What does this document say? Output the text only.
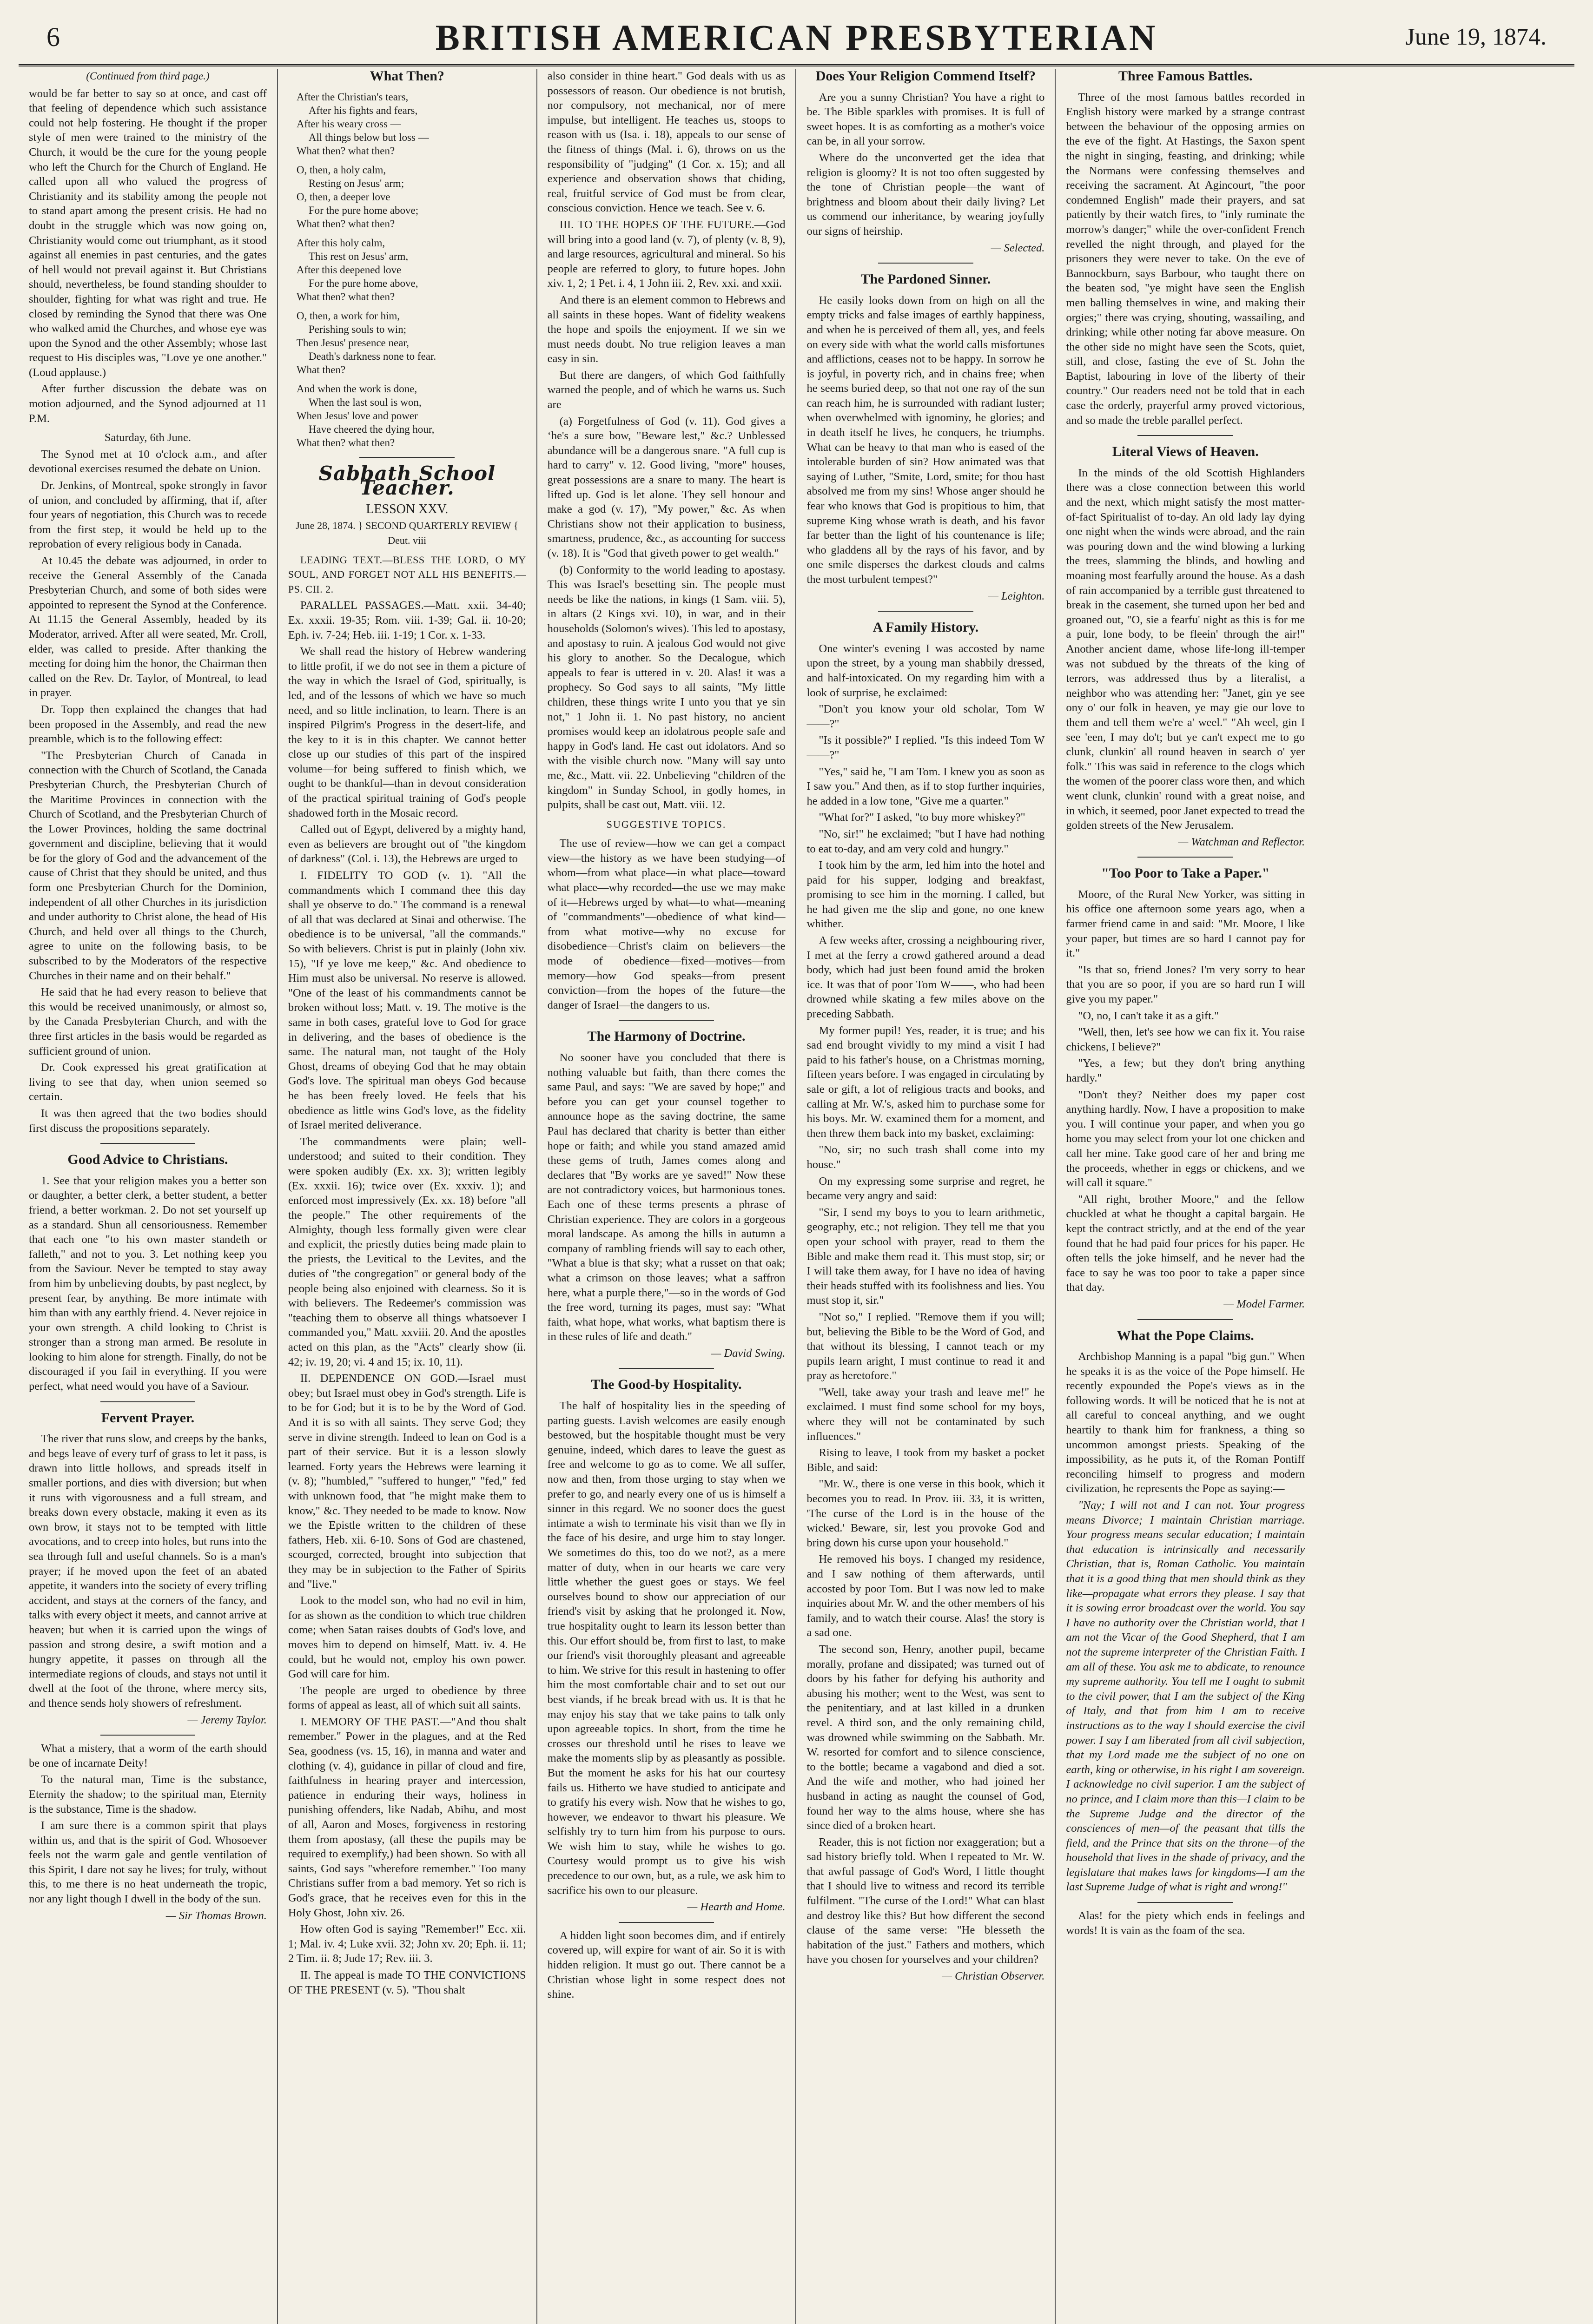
6	BRITISH AMERICAN PRESBYTERIAN	June 19, 1874.
(Continued from third page.)

would be far better to say so at once, and cast off that feeling of dependence which such assistance could not help fostering. He thought if the proper style of men were trained to the ministry of the Church, it would be the cure for the young people who left the Church for the Church of England. He called upon all who valued the progress of Christianity and its stability among the people not to stand apart among the present crisis. He had no doubt in the struggle which was now going on, Christianity would come out triumphant, as it stood against all enemies in past centuries, and the gates of hell would not prevail against it. But Christians should, nevertheless, be found standing shoulder to shoulder, fighting for what was right and true. He closed by reminding the Synod that there was One who walked amid the Churches, and whose eye was upon the Synod and the other Assembly; whose last request to His disciples was, "Love ye one another." (Loud applause.)

After further discussion the debate was on motion adjourned, and the Synod adjourned at 11 P.M.

Saturday, 6th June.

The Synod met at 10 o'clock a.m., and after devotional exercises resumed the debate on Union.

Dr. Jenkins, of Montreal, spoke strongly in favor of union, and concluded by affirming, that if, after four years of negotiation, this Church was to recede from the first step, it would be held up to the reprobation of every religious body in Canada.

At 10.45 the debate was adjourned, in order to receive the General Assembly of the Canada Presbyterian Church, and some of both sides were appointed to represent the Synod at the Conference. At 11.15 the General Assembly, headed by its Moderator, arrived. After all were seated, Mr. Croll, elder, was called to preside. After thanking the meeting for doing him the honor, the Chairman then called on the Rev. Dr. Taylor, of Montreal, to lead in prayer.

Dr. Topp then explained the changes that had been proposed in the Assembly, and read the new preamble, which is to the following effect:

"The Presbyterian Church of Canada in connection with the Church of Scotland, the Canada Presbyterian Church, the Presbyterian Church of the Maritime Provinces in connection with the Church of Scotland, and the Presbyterian Church of the Lower Provinces, holding the same doctrinal government and discipline, believing that it would be for the glory of God and the advancement of the cause of Christ that they should be united, and thus form one Presbyterian Church for the Dominion, independent of all other Churches in its jurisdiction and under authority to Christ alone, the head of His Church, and held over all things to the Church, agree to unite on the following basis, to be subscribed to by the Moderators of the respective Churches in their name and on their behalf."

He said that he had every reason to believe that this would be received unanimously, or almost so, by the Canada Presbyterian Church, and with the three first articles in the basis would be regarded as sufficient ground of union.

Dr. Cook expressed his great gratification at living to see that day, when union seemed so certain.

It was then agreed that the two bodies should first discuss the propositions separately.

Good Advice to Christians.

1. See that your religion makes you a better son or daughter, a better clerk, a better student, a better friend, a better workman. 2. Do not set yourself up as a standard. Shun all censoriousness. Remember that each one "to his own master standeth or falleth," and not to you. 3. Let nothing keep you from the Saviour. Never be tempted to stay away from him by unbelieving doubts, by past neglect, by present fear, by anything. Be more intimate with him than with any earthly friend. 4. Never rejoice in your own strength. A child looking to Christ is stronger than a strong man armed. Be resolute in looking to him alone for strength. Finally, do not be discouraged if you fail in everything. If you were perfect, what need would you have of a Saviour.

Fervent Prayer.

The river that runs slow, and creeps by the banks, and begs leave of every turf of grass to let it pass, is drawn into little hollows, and spreads itself in smaller portions, and dies with diversion; but when it runs with vigorousness and a full stream, and breaks down every obstacle, making it even as its own brow, it stays not to be tempted with little avocations, and to creep into holes, but runs into the sea through full and useful channels. So is a man's prayer; if he moved upon the feet of an abated appetite, it wanders into the society of every trifling accident, and stays at the corners of the fancy, and talks with every object it meets, and cannot arrive at heaven; but when it is carried upon the wings of passion and strong desire, a swift motion and a hungry appetite, it passes on through all the intermediate regions of clouds, and stays not until it dwell at the foot of the throne, where mercy sits, and thence sends holy showers of refreshment.

— Jeremy Taylor.

What a mistery, that a worm of the earth should be one of incarnate Deity!

To the natural man, Time is the substance, Eternity the shadow; to the spiritual man, Eternity is the substance, Time is the shadow.

I am sure there is a common spirit that plays within us, and that is the spirit of God. Whosoever feels not the warm gale and gentle ventilation of this Spirit, I dare not say he lives; for truly, without this, to me there is no heat underneath the tropic, nor any light though I dwell in the body of the sun.

— Sir Thomas Brown.
What Then?
After the Christian's tears,
After his fights and fears,
After his weary cross —
All things below but loss —
What then? what then?
O, then, a holy calm,
Resting on Jesus' arm;
O, then, a deeper love
For the pure home above;
What then? what then?
After this holy calm,
This rest on Jesus' arm,
After this deepened love
For the pure home above,
What then? what then?
O, then, a work for him,
Perishing souls to win;
Then Jesus' presence near,
Death's darkness none to fear.
What then?
And when the work is done,
When the last soul is won,
When Jesus' love and power
Have cheered the dying hour,
What then? what then?
Sabbath School Teacher.
LESSON XXV.
June 28, 1874. } SECOND QUARTERLY REVIEW { Deut. viii

LEADING TEXT.—BLESS THE LORD, O MY SOUL, AND FORGET NOT ALL HIS BENEFITS.—PS. CII. 2.

PARALLEL PASSAGES.—Matt. xxii. 34-40; Ex. xxxii. 19-35; Rom. viii. 1-39; Gal. ii. 10-20; Eph. iv. 7-24; Heb. iii. 1-19; 1 Cor. x. 1-33.

We shall read the history of Hebrew wandering to little profit, if we do not see in them a picture of the way in which the Israel of God, spiritually, is led, and of the lessons of which we have so much need, and so little inclination, to learn. There is an inspired Pilgrim's Progress in the desert-life, and the key to it is in this chapter. We cannot better close up our studies of this part of the inspired volume—for being suffered to finish which, we ought to be thankful—than in devout consideration of the practical spiritual training of God's people shadowed forth in the Mosaic record.

Called out of Egypt, delivered by a mighty hand, even as believers are brought out of "the kingdom of darkness" (Col. i. 13), the Hebrews are urged to

I. FIDELITY TO GOD (v. 1). "All the commandments which I command thee this day shall ye observe to do." The command is a renewal of all that was declared at Sinai and otherwise. The obedience is to be universal, "all the commands." So with believers. Christ is put in plainly (John xiv. 15), "If ye love me keep," &c. And obedience to Him must also be universal. No reserve is allowed. "One of the least of his commandments cannot be broken without loss; Matt. v. 19. The motive is the same in both cases, grateful love to God for grace in delivering, and the bases of obedience is the same. The natural man, not taught of the Holy Ghost, dreams of obeying God that he may obtain God's love. The spiritual man obeys God because he has been freely loved. He feels that his obedience as little wins God's love, as the fidelity of Israel merited deliverance.

The commandments were plain; well-understood; and suited to their condition. They were spoken audibly (Ex. xx. 3); written legibly (Ex. xxxii. 16); twice over (Ex. xxxiv. 1); and enforced most impressively (Ex. xx. 18) before "all the people." The other requirements of the Almighty, though less formally given were clear and explicit, the priestly duties being made plain to the priests, the Levitical to the Levites, and the duties of "the congregation" or general body of the people being also enjoined with clearness. So it is with believers. The Redeemer's commission was "teaching them to observe all things whatsoever I commanded you," Matt. xxviii. 20. And the apostles acted on this plan, as the "Acts" clearly show (ii. 42; iv. 19, 20; vi. 4 and 15; ix. 10, 11).

II. DEPENDENCE ON GOD.—Israel must obey; but Israel must obey in God's strength. Life is to be for God; but it is to be by the Word of God. And it is so with all saints. They serve God; they serve in divine strength. Indeed to lean on God is a part of their service. But it is a lesson slowly learned. Forty years the Hebrews were learning it (v. 8); "humbled," "suffered to hunger," "fed," fed with unknown food, that "he might make them to know," &c. They needed to be made to know. Now we the Epistle written to the children of these fathers, Heb. xii. 6-10. Sons of God are chastened, scourged, corrected, brought into subjection that they may be in subjection to the Father of Spirits and "live."

Look to the model son, who had no evil in him, for as shown as the condition to which true children come; when Satan raises doubts of God's love, and moves him to depend on himself, Matt. iv. 4. He could, but he would not, employ his own power. God will care for him.

The people are urged to obedience by three forms of appeal as least, all of which suit all saints.

I. MEMORY OF THE PAST.—"And thou shalt remember." Power in the plagues, and at the Red Sea, goodness (vs. 15, 16), in manna and water and clothing (v. 4), guidance in pillar of cloud and fire, faithfulness in hearing prayer and intercession, patience in enduring their ways, holiness in punishing offenders, like Nadab, Abihu, and most of all, Aaron and Moses, forgiveness in restoring them from apostasy, (all these the pupils may be required to exemplify,) had been shown. So with all saints, God says "wherefore remember." Too many Christians suffer from a bad memory. Yet so rich is God's grace, that he receives even for this in the Holy Ghost, John xiv. 26.

How often God is saying "Remember!" Ecc. xii. 1; Mal. iv. 4; Luke xvii. 32; John xv. 20; Eph. ii. 11; 2 Tim. ii. 8; Jude 17; Rev. iii. 3.

II. The appeal is made TO THE CONVICTIONS OF THE PRESENT (v. 5). "Thou shalt

also consider in thine heart." God deals with us as possessors of reason. Our obedience is not brutish, nor compulsory, not mechanical, nor of mere impulse, but intelligent. He teaches us, stoops to reason with us (Isa. i. 18), appeals to our sense of the fitness of things (Mal. i. 6), throws on us the responsibility of "judging" (1 Cor. x. 15); and all experience and observation shows that chiding, real, fruitful service of God must be from clear, conscious conviction. Hence we teach. See v. 6.

III. TO THE HOPES OF THE FUTURE.—God will bring into a good land (v. 7), of plenty (v. 8, 9), and large resources, agricultural and mineral. So his people are referred to glory, to future hopes. John xiv. 1, 2; 1 Pet. i. 4, 1 John iii. 2, Rev. xxi. and xxii.

And there is an element common to Hebrews and all saints in these hopes. Want of fidelity weakens the hope and spoils the enjoyment. If we sin we must needs doubt. No true religion leaves a man easy in sin.

But there are dangers, of which God faithfully warned the people, and of which he warns us. Such are

(a) Forgetfulness of God (v. 11). God gives a ‘he's a sure bow, "Beware lest," &c.? Unblessed abundance will be a dangerous snare. "A full cup is hard to carry" v. 12. Good living, "more" houses, great possessions are a snare to many. The heart is lifted up. God is let alone. They sell honour and make a god (v. 17), "My power," &c. As when Christians show not their application to business, smartness, prudence, &c., as accounting for success (v. 18). It is "God that giveth power to get wealth."

(b) Conformity to the world leading to apostasy. This was Israel's besetting sin. The people must needs be like the nations, in kings (1 Sam. viii. 5), in altars (2 Kings xvi. 10), in war, and in their households (Solomon's wives). This led to apostasy, and apostasy to ruin. A jealous God would not give his glory to another. So the Decalogue, which appeals to fear is uttered in v. 20. Alas! it was a prophecy. So God says to all saints, "My little children, these things write I unto you that ye sin not," 1 John ii. 1. No past history, no ancient promises would keep an idolatrous people safe and happy in God's land. He cast out idolators. And so with the visible church now. "Many will say unto me, &c., Matt. vii. 22. Unbelieving "children of the kingdom" in Sunday School, in godly homes, in pulpits, shall be cast out, Matt. viii. 12.

SUGGESTIVE TOPICS.

The use of review—how we can get a compact view—the history as we have been studying—of whom—from what place—in what place—toward what place—why recorded—the use we may make of it—Hebrews urged by what—to what—meaning of "commandments"—obedience of what kind—from what motive—why no excuse for disobedience—Christ's claim on believers—the mode of obedience—fixed—motives—from memory—how God speaks—from present conviction—from the hopes of the future—the danger of Israel—the dangers to us.

The Harmony of Doctrine.

No sooner have you concluded that there is nothing valuable but faith, than there comes the same Paul, and says: "We are saved by hope;" and before you can get your counsel together to announce hope as the saving doctrine, the same Paul has declared that charity is better than either hope or faith; and while you stand amazed amid these gems of truth, James comes along and declares that "By works are ye saved!" Now these are not contradictory voices, but harmonious tones. Each one of these terms presents a phrase of Christian experience. They are colors in a gorgeous moral landscape. As among the hills in autumn a company of rambling friends will say to each other, "What a blue is that sky; what a russet on that oak; what a crimson on those leaves; what a saffron here, what a purple there,"—so in the words of God the free word, turning its pages, must say: "What faith, what hope, what works, what baptism there is in these rules of life and death."

— David Swing.
The Good-by Hospitality.

The half of hospitality lies in the speeding of parting guests. Lavish welcomes are easily enough bestowed, but the hospitable thought must be very genuine, indeed, which dares to leave the guest as free and welcome to go as to come. We all suffer, now and then, from those urging to stay when we prefer to go, and nearly every one of us is himself a sinner in this regard. We no sooner does the guest intimate a wish to terminate his visit than we fly in the face of his desire, and urge him to stay longer. We sometimes do this, too do we not?, as a mere matter of duty, when in our hearts we care very little whether the guest goes or stays. We feel ourselves bound to show our appreciation of our friend's visit by asking that he prolonged it. Now, true hospitality ought to learn its lesson better than this. Our effort should be, from first to last, to make our friend's visit thoroughly pleasant and agreeable to him. We strive for this result in hastening to offer him the most comfortable chair and to set out our best viands, if he break bread with us. It is that he may enjoy his stay that we take pains to talk only upon agreeable topics. In short, from the time he crosses our threshold until he rises to leave we make the moments slip by as pleasantly as possible. But the moment he asks for his hat our courtesy fails us. Hitherto we have studied to anticipate and to gratify his every wish. Now that he wishes to go, however, we endeavor to thwart his pleasure. We selfishly try to turn him from his purpose to ours. We wish him to stay, while he wishes to go. Courtesy would prompt us to give his wish precedence to our own, but, as a rule, we ask him to sacrifice his own to our pleasure.

— Hearth and Home.

A hidden light soon becomes dim, and if entirely covered up, will expire for want of air. So it is with hidden religion. It must go out. There cannot be a Christian whose light in some respect does not shine.

Does Your Religion Commend Itself?

Are you a sunny Christian? You have a right to be. The Bible sparkles with promises. It is full of sweet hopes. It is as comforting as a mother's voice can be, in all your sorrow.

Where do the unconverted get the idea that religion is gloomy? It is not too often suggested by the tone of Christian people—the want of brightness and bloom about their daily living? Let us commend our inheritance, by wearing joyfully our signs of heirship.

— Selected.
The Pardoned Sinner.

He easily looks down from on high on all the empty tricks and false images of earthly happiness, and when he is perceived of them all, yes, and feels on every side with what the world calls misfortunes and afflictions, ceases not to be happy. In sorrow he is joyful, in poverty rich, and in chains free; when he seems buried deep, so that not one ray of the sun can reach him, he is surrounded with radiant luster; when overwhelmed with ignominy, he glories; and in death itself he lives, he conquers, he triumphs. What can be heavy to that man who is eased of the intolerable burden of sin? How animated was that saying of Luther, "Smite, Lord, smite; for thou hast absolved me from my sins! Whose anger should he fear who knows that God is propitious to him, that supreme King whose wrath is death, and his favor far better than the light of his countenance is life; who gladdens all by the rays of his favor, and by one smile disperses the darkest clouds and calms the most turbulent tempest?"

— Leighton.
A Family History.

One winter's evening I was accosted by name upon the street, by a young man shabbily dressed, and half-intoxicated. On my regarding him with a look of surprise, he exclaimed:

"Don't you know your old scholar, Tom W——?"

"Is it possible?" I replied. "Is this indeed Tom W——?"

"Yes," said he, "I am Tom. I knew you as soon as I saw you." And then, as if to stop further inquiries, he added in a low tone, "Give me a quarter."

"What for?" I asked, "to buy more whiskey?"

"No, sir!" he exclaimed; "but I have had nothing to eat to-day, and am very cold and hungry."

I took him by the arm, led him into the hotel and paid for his supper, lodging and breakfast, promising to see him in the morning. I called, but he had given me the slip and gone, no one knew whither.

A few weeks after, crossing a neighbouring river, I met at the ferry a crowd gathered around a dead body, which had just been found amid the broken ice. It was that of poor Tom W——, who had been drowned while skating a few miles above on the preceding Sabbath.

My former pupil! Yes, reader, it is true; and his sad end brought vividly to my mind a visit I had paid to his father's house, on a Christmas morning, fifteen years before. I was engaged in circulating by sale or gift, a lot of religious tracts and books, and calling at Mr. W.'s, asked him to purchase some for his boys. Mr. W. examined them for a moment, and then threw them back into my basket, exclaiming:

"No, sir; no such trash shall come into my house."

On my expressing some surprise and regret, he became very angry and said:

"Sir, I send my boys to you to learn arithmetic, geography, etc.; not religion. They tell me that you open your school with prayer, read to them the Bible and make them read it. This must stop, sir; or I will take them away, for I have no idea of having their heads stuffed with its foolishness and lies. You must stop it, sir."

"Not so," I replied. "Remove them if you will; but, believing the Bible to be the Word of God, and that without its blessing, I cannot teach or my pupils learn aright, I must continue to read it and pray as heretofore."

"Well, take away your trash and leave me!" he exclaimed. I must find some school for my boys, where they will not be contaminated by such influences."

Rising to leave, I took from my basket a pocket Bible, and said:

"Mr. W., there is one verse in this book, which it becomes you to read. In Prov. iii. 33, it is written, 'The curse of the Lord is in the house of the wicked.' Beware, sir, lest you provoke God and bring down his curse upon your household."

He removed his boys. I changed my residence, and I saw nothing of them afterwards, until accosted by poor Tom. But I was now led to make inquiries about Mr. W. and the other members of his family, and to watch their course. Alas! the story is a sad one.

The second son, Henry, another pupil, became morally, profane and dissipated; was turned out of doors by his father for defying his authority and abusing his mother; went to the West, was sent to the penitentiary, and at last killed in a drunken revel. A third son, and the only remaining child, was drowned while swimming on the Sabbath. Mr. W. resorted for comfort and to silence conscience, to the bottle; became a vagabond and died a sot. And the wife and mother, who had joined her husband in acting as naught the counsel of God, found her way to the alms house, where she has since died of a broken heart.

Reader, this is not fiction nor exaggeration; but a sad history briefly told. When I repeated to Mr. W. that awful passage of God's Word, I little thought that I should live to witness and record its terrible fulfilment. "The curse of the Lord!" What can blast and destroy like this? But how different the second clause of the same verse: "He blesseth the habitation of the just." Fathers and mothers, which have you chosen for yourselves and your children?

— Christian Observer.
Three Famous Battles.

Three of the most famous battles recorded in English history were marked by a strange contrast between the behaviour of the opposing armies on the eve of the fight. At Hastings, the Saxon spent the night in singing, feasting, and drinking; while the Normans were confessing themselves and receiving the sacrament. At Agincourt, "the poor condemned English" made their prayers, and sat patiently by their watch fires, to "inly ruminate the morrow's danger;" while the over-confident French revelled the night through, and played for the prisoners they were never to take. On the eve of Bannockburn, says Barbour, who taught there on the beaten sod, "ye might have seen the English men balling themselves in wine, and making their orgies;" there was crying, shouting, wassailing, and drinking; while other noting far above measure. On the other side no might have seen the Scots, quiet, still, and close, fasting the eve of St. John the Baptist, labouring in love of the liberty of their country." Our readers need not be told that in each case the orderly, prayerful army proved victorious, and so made the treble parallel perfect.

Literal Views of Heaven.

In the minds of the old Scottish Highlanders there was a close connection between this world and the next, which might satisfy the most matter-of-fact Spiritualist of to-day. An old lady lay dying one night when the winds were abroad, and the rain was pouring down and the wind blowing a lurking the trees, slamming the blinds, and howling and moaning most fearfully around the house. As a dash of rain accompanied by a terrible gust threatened to break in the casement, she turned upon her bed and groaned out, "O, sie a fearfu' night as this is for me a puir, lone body, to be fleein' through the air!" Another ancient dame, whose life-long ill-temper was not subdued by the threats of the king of terrors, was addressed thus by a literalist, a neighbor who was attending her: "Janet, gin ye see ony o' our folk in heaven, ye may gie our love to them and tell them we're a' weel." "Ah weel, gin I see 'een, I may do't; but ye can't expect me to go clunk, clunkin' all round heaven in search o' yer folk." This was said in reference to the clogs which the women of the poorer class wore then, and which went clunk, clunkin' round with a great noise, and in which, it seemed, poor Janet expected to tread the golden streets of the New Jerusalem.

— Watchman and Reflector.
"Too Poor to Take a Paper."

Moore, of the Rural New Yorker, was sitting in his office one afternoon some years ago, when a farmer friend came in and said: "Mr. Moore, I like your paper, but times are so hard I cannot pay for it."

"Is that so, friend Jones? I'm very sorry to hear that you are so poor, if you are so hard run I will give you my paper."

"O, no, I can't take it as a gift."

"Well, then, let's see how we can fix it. You raise chickens, I believe?"

"Yes, a few; but they don't bring anything hardly."

"Don't they? Neither does my paper cost anything hardly. Now, I have a proposition to make you. I will continue your paper, and when you go home you may select from your lot one chicken and call her mine. Take good care of her and bring me the proceeds, whether in eggs or chickens, and we will call it square."

"All right, brother Moore," and the fellow chuckled at what he thought a capital bargain. He kept the contract strictly, and at the end of the year found that he had paid four prices for his paper. He often tells the joke himself, and he never had the face to say he was too poor to take a paper since that day.

— Model Farmer.
What the Pope Claims.

Archbishop Manning is a papal "big gun." When he speaks it is as the voice of the Pope himself. He recently expounded the Pope's views as in the following words. It will be noticed that he is not at all careful to conceal anything, and we ought heartily to thank him for frankness, a thing so uncommon amongst priests. Speaking of the impossibility, as he puts it, of the Roman Pontiff reconciling himself to progress and modern civilization, he represents the Pope as saying:—

"Nay; I will not and I can not. Your progress means Divorce; I maintain Christian marriage. Your progress means secular education; I maintain that education is intrinsically and necessarily Christian, that is, Roman Catholic. You maintain that it is a good thing that men should think as they like—propagate what errors they please. I say that it is sowing error broadcast over the world. You say I have no authority over the Christian world, that I am not the Vicar of the Good Shepherd, that I am not the supreme interpreter of the Christian Faith. I am all of these. You ask me to abdicate, to renounce my supreme authority. You tell me I ought to submit to the civil power, that I am the subject of the King of Italy, and that from him I am to receive instructions as to the way I should exercise the civil power. I say I am liberated from all civil subjection, that my Lord made me the subject of no one on earth, king or otherwise, in his right I am sovereign. I acknowledge no civil superior. I am the subject of no prince, and I claim more than this—I claim to be the Supreme Judge and the director of the consciences of men—of the peasant that tills the field, and the Prince that sits on the throne—of the household that lives in the shade of privacy, and the legislature that makes laws for kingdoms—I am the last Supreme Judge of what is right and wrong!"

Alas! for the piety which ends in feelings and words! It is vain as the foam of the sea.
